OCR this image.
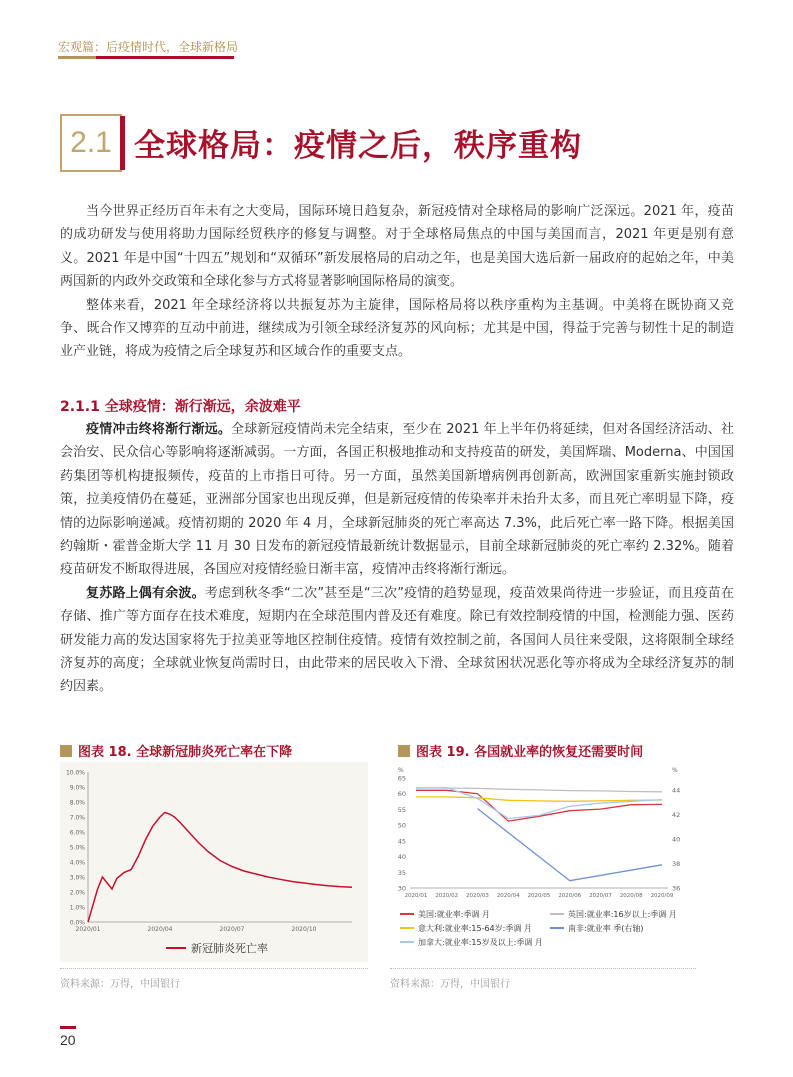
宏观篇：后疫情时代，全球新格局
2.1 全球格局：疫情之后，秩序重构

当今世界正经历百年未有之大变局，国际环境日趋复杂，新冠疫情对全球格局的影响广泛深远。2021 年，疫苗的成功研发与使用将助力国际经贸秩序的修复与调整。对于全球格局焦点的中国与美国而言，2021 年更是别有意义。2021 年是中国“十四五”规划和“双循环”新发展格局的启动之年，也是美国大选后新一届政府的起始之年，中美两国新的内政外交政策和全球化参与方式将显著影响国际格局的演变。

整体来看，2021 年全球经济将以共振复苏为主旋律，国际格局将以秩序重构为主基调。中美将在既协商又竞争、既合作又博弈的互动中前进，继续成为引领全球经济复苏的风向标；尤其是中国，得益于完善与韧性十足的制造业产业链，将成为疫情之后全球复苏和区域合作的重要支点。

2.1.1 全球疫情：渐行渐远，余波难平

疫情冲击终将渐行渐远。全球新冠疫情尚未完全结束，至少在 2021 年上半年仍将延续，但对各国经济活动、社会治安、民众信心等影响将逐渐减弱。一方面，各国正积极地推动和支持疫苗的研发，美国辉瑞、Moderna、中国国药集团等机构捷报频传，疫苗的上市指日可待。另一方面，虽然美国新增病例再创新高，欧洲国家重新实施封锁政策，拉美疫情仍在蔓延，亚洲部分国家也出现反弹，但是新冠疫情的传染率并未抬升太多，而且死亡率明显下降，疫情的边际影响递减。疫情初期的 2020 年 4 月，全球新冠肺炎的死亡率高达 7.3%，此后死亡率一路下降。根据美国约翰斯・霍普金斯大学 11 月 30 日发布的新冠疫情最新统计数据显示，目前全球新冠肺炎的死亡率约 2.32%。随着疫苗研发不断取得进展，各国应对疫情经验日渐丰富，疫情冲击终将渐行渐远。

复苏路上偶有余波。考虑到秋冬季“二次”甚至是“三次”疫情的趋势显现，疫苗效果尚待进一步验证，而且疫苗在存储、推广等方面存在技术难度，短期内在全球范围内普及还有难度。除已有效控制疫情的中国，检测能力强、医药研发能力高的发达国家将先于拉美亚等地区控制住疫情。疫情有效控制之前，各国间人员往来受限，这将限制全球经济复苏的高度；全球就业恢复尚需时日，由此带来的居民收入下滑、全球贫困状况恶化等亦将成为全球经济复苏的制约因素。

图表 18. 全球新冠肺炎死亡率在下降
0.0%
1.0%
2.0%
3.0%
4.0%
5.0%
6.0%
7.0%
8.0%
9.0%
10.0%
2020/01	2020/04	2020/07	2020/10
新冠肺炎死亡率
资料来源：万得，中国银行
图表 19. 各国就业率的恢复还需要时间
%	%
30
35
40
45
50
55
60
65
36
38
40
42
44
2020/01 2020/02 2020/03 2020/04 2020/05 2020/06 2020/07 2020/08 2020/09
美国:就业率:季调 月	英国:就业率:16岁以上:季调 月
意大利:就业率:15-64岁:季调 月	南非:就业率 季(右轴)
加拿大:就业率:15岁及以上:季调 月
资料来源：万得，中国银行
20
